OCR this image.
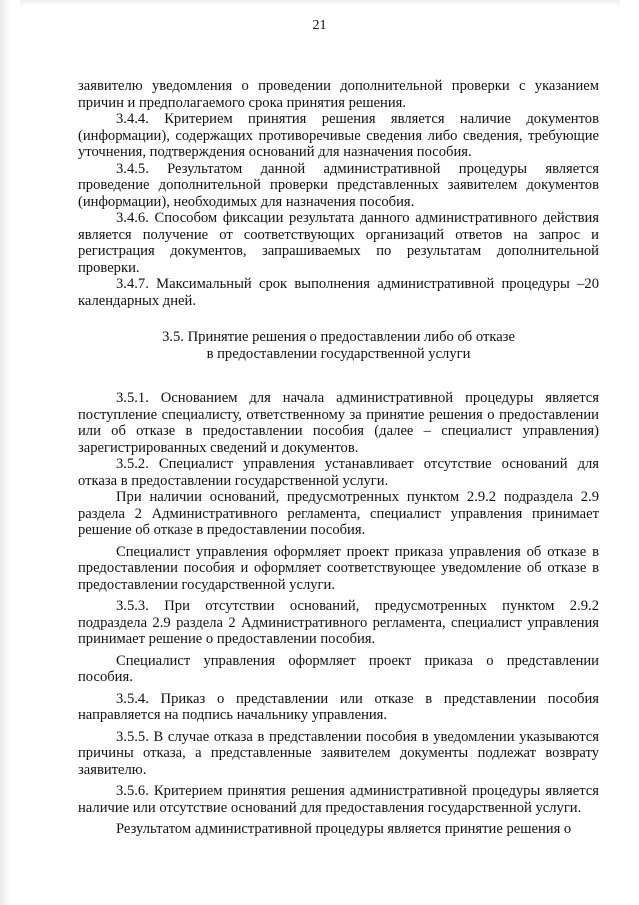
21

заявителю уведомления о проведении дополнительной проверки с указанием причин и предполагаемого срока принятия решения.

3.4.4. Критерием принятия решения является наличие документов (информации), содержащих противоречивые сведения либо сведения, требующие уточнения, подтверждения оснований для назначения пособия.

3.4.5. Результатом данной административной процедуры является проведение дополнительной проверки представленных заявителем документов (информации), необходимых для назначения пособия.

3.4.6. Способом фиксации результата данного административного действия является получение от соответствующих организаций ответов на запрос и регистрация документов, запрашиваемых по результатам дополнительной проверки.

3.4.7. Максимальный срок выполнения административной процедуры –20 календарных дней.

3.5. Принятие решения о предоставлении либо об отказе

в предоставлении государственной услуги

3.5.1. Основанием для начала административной процедуры является поступление специалисту, ответственному за принятие решения о предоставлении или об отказе в предоставлении пособия (далее – специалист управления) зарегистрированных сведений и документов.

3.5.2. Специалист управления устанавливает отсутствие оснований для отказа в предоставлении государственной услуги.

При наличии оснований, предусмотренных пунктом 2.9.2 подраздела 2.9 раздела 2 Административного регламента, специалист управления принимает решение об отказе в предоставлении пособия.

Специалист управления оформляет проект приказа управления об отказе в предоставлении пособия и оформляет соответствующее уведомление об отказе в предоставлении государственной услуги.

3.5.3. При отсутствии оснований, предусмотренных пунктом 2.9.2 подраздела 2.9 раздела 2 Административного регламента, специалист управления принимает решение о предоставлении пособия.

Специалист управления оформляет проект приказа о представлении пособия.

3.5.4. Приказ о представлении или отказе в представлении пособия направляется на подпись начальнику управления.

3.5.5. В случае отказа в представлении пособия в уведомлении указываются причины отказа, а представленные заявителем документы подлежат возврату заявителю.

3.5.6. Критерием принятия решения административной процедуры является наличие или отсутствие оснований для предоставления государственной услуги.

Результатом административной процедуры является принятие решения о
